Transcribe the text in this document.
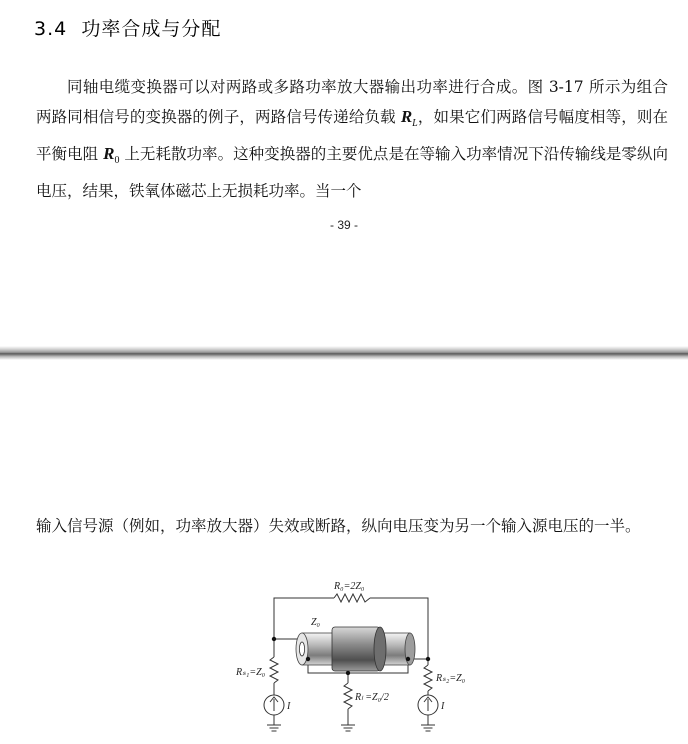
3.4 功率合成与分配
同轴电缆变换器可以对两路或多路功率放大器输出功率进行合成。图 3-17 所示为组合两路同相信号的变换器的例子，两路信号传递给负载 $R_L$，如果它们两路信号幅度相等，则在平衡电阻 $R_0$ 上无耗散功率。这种变换器的主要优点是在等输入功率情况下沿传输线是零纵向电压，结果，铁氧体磁芯上无损耗功率。当一个
- 39 -
输入信号源（例如，功率放大器）失效或断路，纵向电压变为另一个输入源电压的一半。
R₀=2Z₀
Z₀
Rₛ₁=Z₀
Rₛ₂=Z₀
Rₗ =Z₀/2
I	I
